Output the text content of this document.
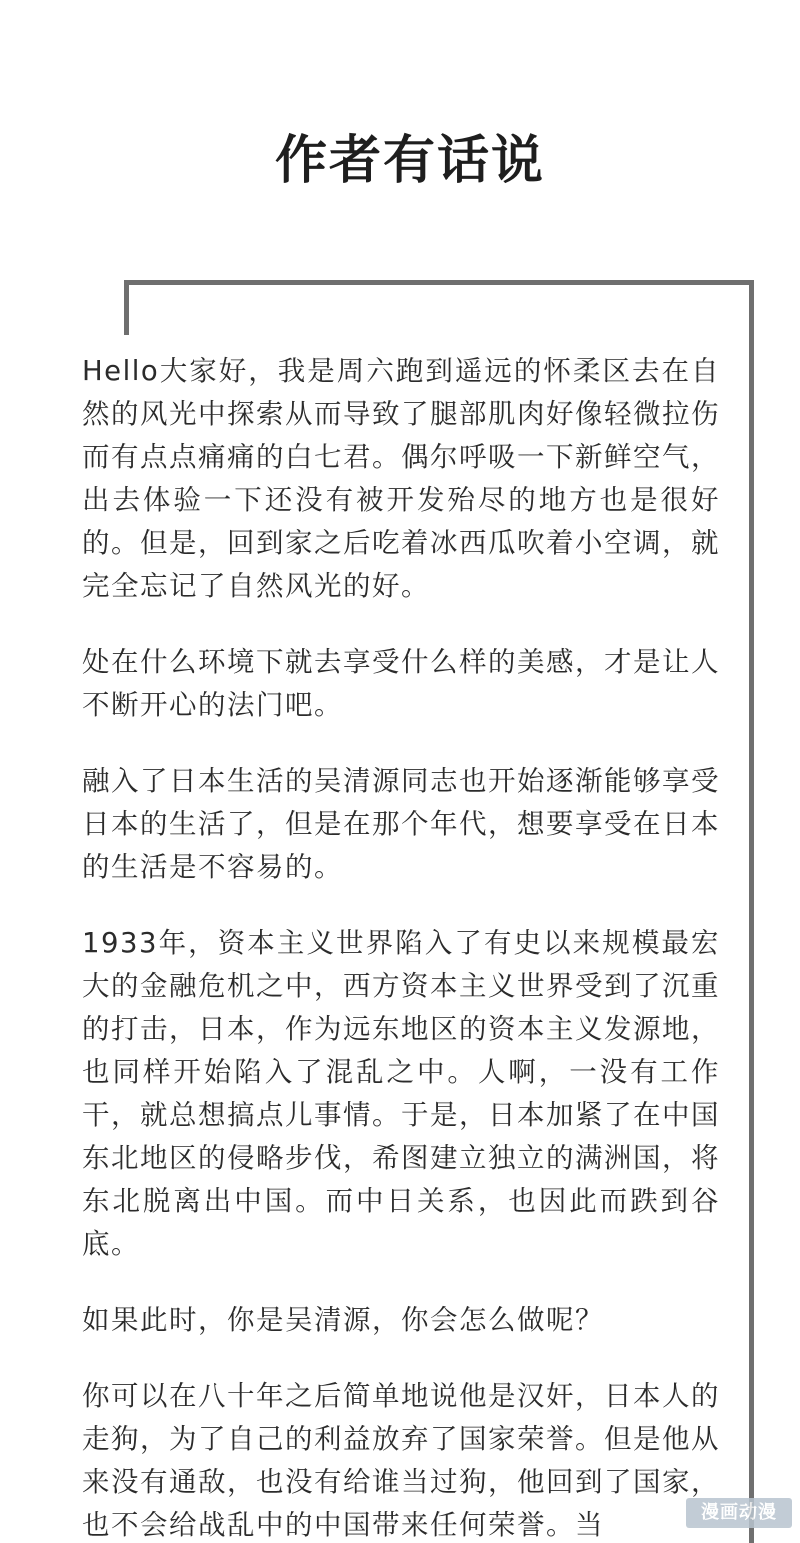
作者有话说

Hello大家好，我是周六跑到遥远的怀柔区去在自然的风光中探索从而导致了腿部肌肉好像轻微拉伤而有点点痛痛的白七君。偶尔呼吸一下新鲜空气，出去体验一下还没有被开发殆尽的地方也是很好的。但是，回到家之后吃着冰西瓜吹着小空调，就完全忘记了自然风光的好。

处在什么环境下就去享受什么样的美感，才是让人不断开心的法门吧。

融入了日本生活的吴清源同志也开始逐渐能够享受日本的生活了，但是在那个年代，想要享受在日本的生活是不容易的。

1933年，资本主义世界陷入了有史以来规模最宏大的金融危机之中，西方资本主义世界受到了沉重的打击，日本，作为远东地区的资本主义发源地，也同样开始陷入了混乱之中。人啊，一没有工作干，就总想搞点儿事情。于是，日本加紧了在中国东北地区的侵略步伐，希图建立独立的满洲国，将东北脱离出中国。而中日关系，也因此而跌到谷底。

如果此时，你是吴清源，你会怎么做呢？

你可以在八十年之后简单地说他是汉奸，日本人的走狗，为了自己的利益放弃了国家荣誉。但是他从来没有通敌，也没有给谁当过狗，他回到了国家，也不会给战乱中的中国带来任何荣誉。当	漫画动漫
